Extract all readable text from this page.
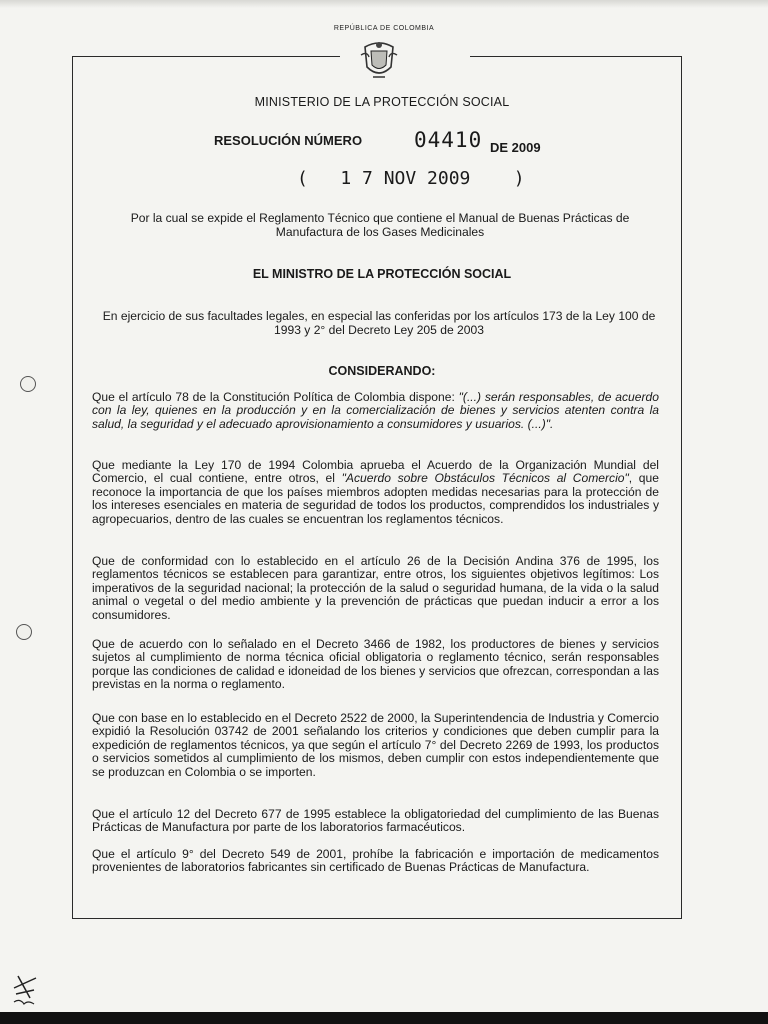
REPÚBLICA DE COLOMBIA
MINISTERIO DE LA PROTECCIÓN SOCIAL
RESOLUCIÓN NÚMERO 04410 DE 2009
(   1 7 NOV 2009    )
Por la cual se expide el Reglamento Técnico que contiene el Manual de Buenas Prácticas de Manufactura de los Gases Medicinales
EL MINISTRO DE LA PROTECCIÓN SOCIAL
En ejercicio de sus facultades legales, en especial las conferidas por los artículos 173 de la Ley 100 de 1993 y 2° del Decreto Ley 205 de 2003
CONSIDERANDO:
Que el artículo 78 de la Constitución Política de Colombia dispone: "(...) serán responsables, de acuerdo con la ley, quienes en la producción y en la comercialización de bienes y servicios atenten contra la salud, la seguridad y el adecuado aprovisionamiento a consumidores y usuarios. (...)".
Que mediante la Ley 170 de 1994 Colombia aprueba el Acuerdo de la Organización Mundial del Comercio, el cual contiene, entre otros, el "Acuerdo sobre Obstáculos Técnicos al Comercio", que reconoce la importancia de que los países miembros adopten medidas necesarias para la protección de los intereses esenciales en materia de seguridad de todos los productos, comprendidos los industriales y agropecuarios, dentro de las cuales se encuentran los reglamentos técnicos.
Que de conformidad con lo establecido en el artículo 26 de la Decisión Andina 376 de 1995, los reglamentos técnicos se establecen para garantizar, entre otros, los siguientes objetivos legítimos: Los imperativos de la seguridad nacional; la protección de la salud o seguridad humana, de la vida o la salud animal o vegetal o del medio ambiente y la prevención de prácticas que puedan inducir a error a los consumidores.
Que de acuerdo con lo señalado en el Decreto 3466 de 1982, los productores de bienes y servicios sujetos al cumplimiento de norma técnica oficial obligatoria o reglamento técnico, serán responsables porque las condiciones de calidad e idoneidad de los bienes y servicios que ofrezcan, correspondan a las previstas en la norma o reglamento.
Que con base en lo establecido en el Decreto 2522 de 2000, la Superintendencia de Industria y Comercio expidió la Resolución 03742 de 2001 señalando los criterios y condiciones que deben cumplir para la expedición de reglamentos técnicos, ya que según el artículo 7° del Decreto 2269 de 1993, los productos o servicios sometidos al cumplimiento de los mismos, deben cumplir con estos independientemente que se produzcan en Colombia o se importen.
Que el artículo 12 del Decreto 677 de 1995 establece la obligatoriedad del cumplimiento de las Buenas Prácticas de Manufactura por parte de los laboratorios farmacéuticos.
Que el artículo 9° del Decreto 549 de 2001, prohíbe la fabricación e importación de medicamentos provenientes de laboratorios fabricantes sin certificado de Buenas Prácticas de Manufactura.
